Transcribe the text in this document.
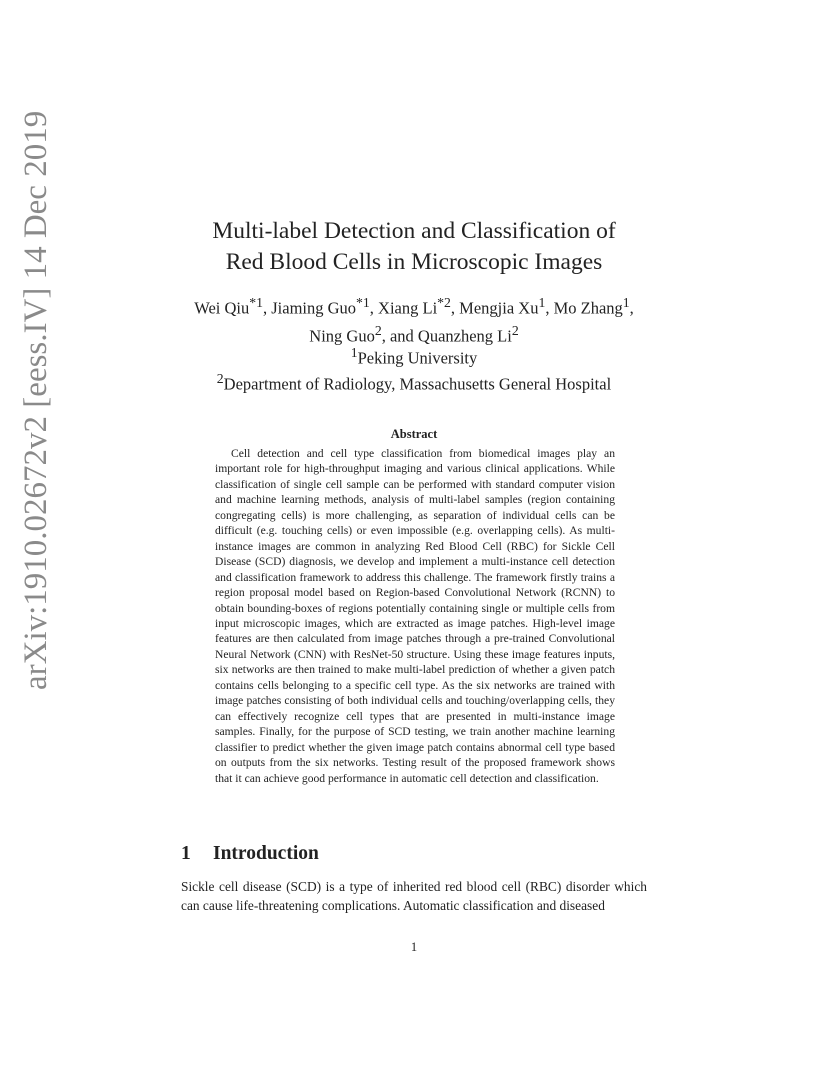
arXiv:1910.02672v2 [eess.IV] 14 Dec 2019	Multi-label Detection and Classification of
Red Blood Cells in Microscopic Images
Wei Qiu$^{*1}$, Jiaming Guo$^{*1}$, Xiang Li$^{*2}$, Mengjia Xu$^1$, Mo Zhang$^1$,
Ning Guo$^2$, and Quanzheng Li$^2$
$^1$Peking University
$^2$Department of Radiology, Massachusetts General Hospital
Abstract

Cell detection and cell type classification from biomedical images play an important role for high-throughput imaging and various clinical applications. While classification of single cell sample can be performed with standard computer vision and machine learning methods, analysis of multi-label samples (region containing congregating cells) is more challenging, as separation of individual cells can be difficult (e.g. touching cells) or even impossible (e.g. overlapping cells). As multi-instance images are common in analyzing Red Blood Cell (RBC) for Sickle Cell Disease (SCD) diagnosis, we develop and implement a multi-instance cell detection and classification framework to address this challenge. The framework firstly trains a region proposal model based on Region-based Convolutional Network (RCNN) to obtain bounding-boxes of regions potentially containing single or multiple cells from input microscopic images, which are extracted as image patches. High-level image features are then calculated from image patches through a pre-trained Convolutional Neural Network (CNN) with ResNet-50 structure. Using these image features inputs, six networks are then trained to make multi-label prediction of whether a given patch contains cells belonging to a specific cell type. As the six networks are trained with image patches consisting of both individual cells and touching/overlapping cells, they can effectively recognize cell types that are presented in multi-instance image samples. Finally, for the purpose of SCD testing, we train another machine learning classifier to predict whether the given image patch contains abnormal cell type based on outputs from the six networks. Testing result of the proposed framework shows that it can achieve good performance in automatic cell detection and classification.

1 Introduction

Sickle cell disease (SCD) is a type of inherited red blood cell (RBC) disorder which can cause life-threatening complications. Automatic classification and diseased

1
